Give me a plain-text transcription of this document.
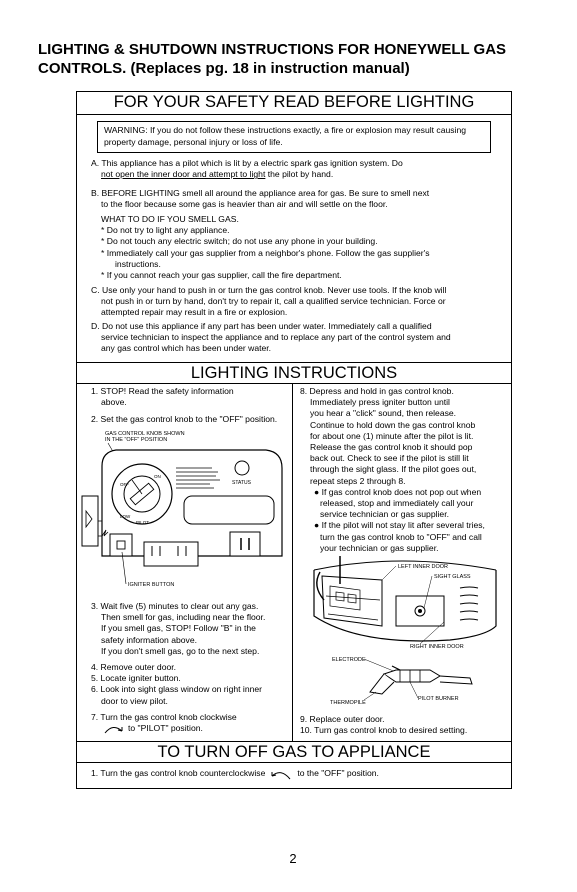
LIGHTING & SHUTDOWN INSTRUCTIONS FOR HONEYWELL GAS CONTROLS. (Replaces pg. 18 in instruction manual)
FOR YOUR SAFETY READ BEFORE LIGHTING
WARNING: If you do not follow these instructions exactly, a fire or explosion may result causing property damage, personal injury or loss of life.
A. This appliance has a pilot which is lit by a electric spark gas ignition system. Do
not open the inner door and attempt to light the pilot by hand.
B. BEFORE LIGHTING smell all around the appliance area for gas. Be sure to smell next
to the floor because some gas is heavier than air and will settle on the floor.
WHAT TO DO IF YOU SMELL GAS.
* Do not try to light any appliance.
* Do not touch any electric switch; do not use any phone in your building.
* Immediately call your gas supplier from a neighbor's phone. Follow the gas supplier's
instructions.
* If you cannot reach your gas supplier, call the fire department.
C. Use only your hand to push in or turn the gas control knob. Never use tools. If the knob will
not push in or turn by hand, don't try to repair it, call a qualified service technician. Force or
attempted repair may result in a fire or explosion.
D. Do not use this appliance if any part has been under water. Immediately call a qualified
service technician to inspect the appliance and to replace any part of the control system and
any gas control which has been under water.
LIGHTING INSTRUCTIONS
1. STOP! Read the safety information
above.
2. Set the gas control knob to the "OFF" position.
GAS CONTROL KNOB SHOWN
IN THE "OFF" POSITION
OFF
ON
LOW
PILOT
STATUS
IGNITER BUTTON
3. Wait five (5) minutes to clear out any gas.
Then smell for gas, including near the floor.
If you smell gas, STOP! Follow "B" in the
safety information above.
If you don't smell gas, go to the next step.
4. Remove outer door.
5. Locate igniter button.
6. Look into sight glass window on right inner
door to view pilot.
7. Turn the gas control knob clockwise
to "PILOT" position.
8. Depress and hold in gas control knob.
Immediately press igniter button until
you hear a "click" sound, then release.
Continue to hold down the gas control knob
for about one (1) minute after the pilot is lit.
Release the gas control knob it should pop
back out. Check to see if the pilot is still lit
through the sight glass. If the pilot goes out,
repeat steps 2 through 8.
● If gas control knob does not pop out when
released, stop and immediately call your
service technician or gas supplier.
● If the pilot will not stay lit after several tries,
turn the gas control knob to "OFF" and call
your technician or gas supplier.
LEFT INNER DOOR
SIGHT GLASS
RIGHT INNER DOOR
ELECTRODE
THERMOPILE
PILOT BURNER
9. Replace outer door.
10. Turn gas control knob to desired setting.
TO TURN OFF GAS TO APPLIANCE
1. Turn the gas control knob counterclockwise	to the "OFF" position.
2
